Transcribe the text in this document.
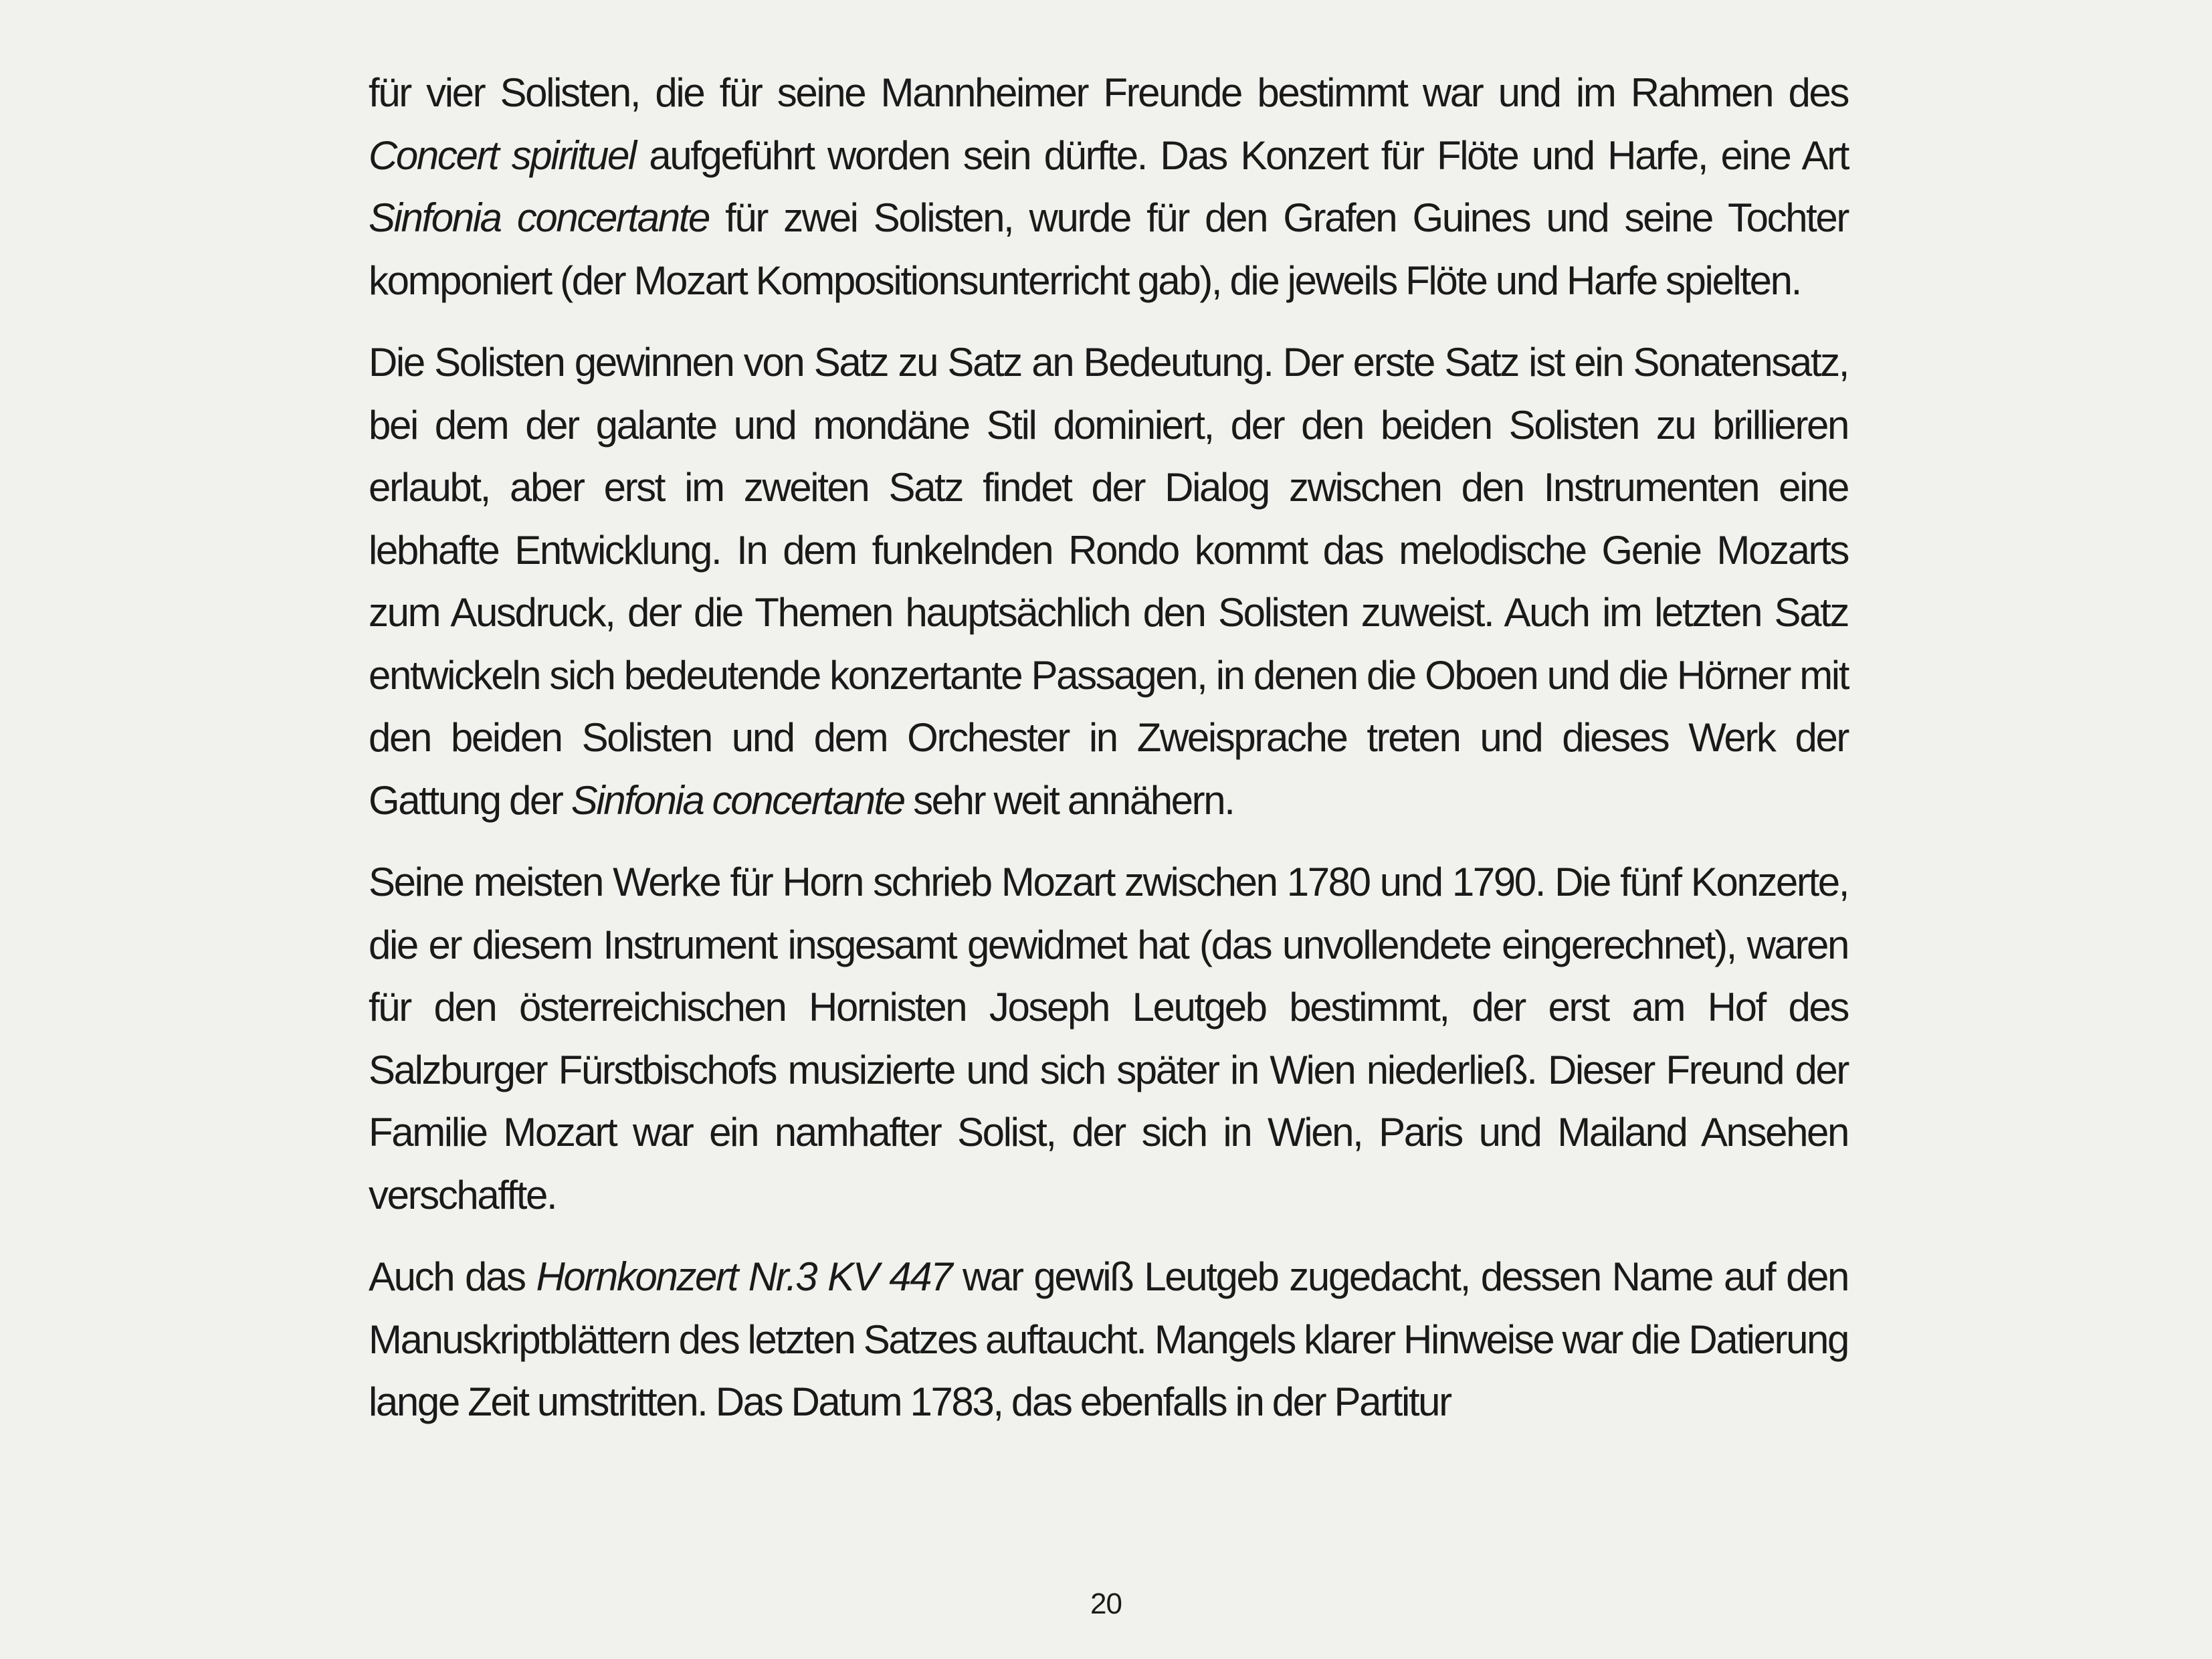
für vier Solisten, die für seine Mannheimer Freunde bestimmt war und im Rahmen des Concert spirituel aufgeführt worden sein dürfte. Das Konzert für Flöte und Harfe, eine Art Sinfonia concertante für zwei Solisten, wurde für den Grafen Guines und seine Tochter komponiert (der Mozart Kompositionsunterricht gab), die jeweils Flöte und Harfe spielten.

Die Solisten gewinnen von Satz zu Satz an Bedeutung. Der erste Satz ist ein Sonatensatz, bei dem der galante und mondäne Stil dominiert, der den beiden Solisten zu brillieren erlaubt, aber erst im zweiten Satz findet der Dialog zwischen den Instrumenten eine lebhafte Entwicklung. In dem funkelnden Rondo kommt das melodische Genie Mozarts zum Ausdruck, der die Themen hauptsächlich den Solisten zuweist. Auch im letzten Satz entwickeln sich bedeutende konzertante Passagen, in denen die Oboen und die Hörner mit den beiden Solisten und dem Orchester in Zweisprache treten und dieses Werk der Gattung der Sinfonia concertante sehr weit annähern.

Seine meisten Werke für Horn schrieb Mozart zwischen 1780 und 1790. Die fünf Konzerte, die er diesem Instrument insgesamt gewidmet hat (das unvollendete eingerechnet), waren für den österreichischen Hornisten Joseph Leutgeb bestimmt, der erst am Hof des Salzburger Fürstbischofs musizierte und sich später in Wien niederließ. Dieser Freund der Familie Mozart war ein namhafter Solist, der sich in Wien, Paris und Mailand Ansehen verschaffte.

Auch das Hornkonzert Nr.3 KV 447 war gewiß Leutgeb zugedacht, dessen Name auf den Manuskriptblättern des letzten Satzes auftaucht. Mangels klarer Hinweise war die Datierung lange Zeit umstritten. Das Datum 1783, das ebenfalls in der Partitur

20
